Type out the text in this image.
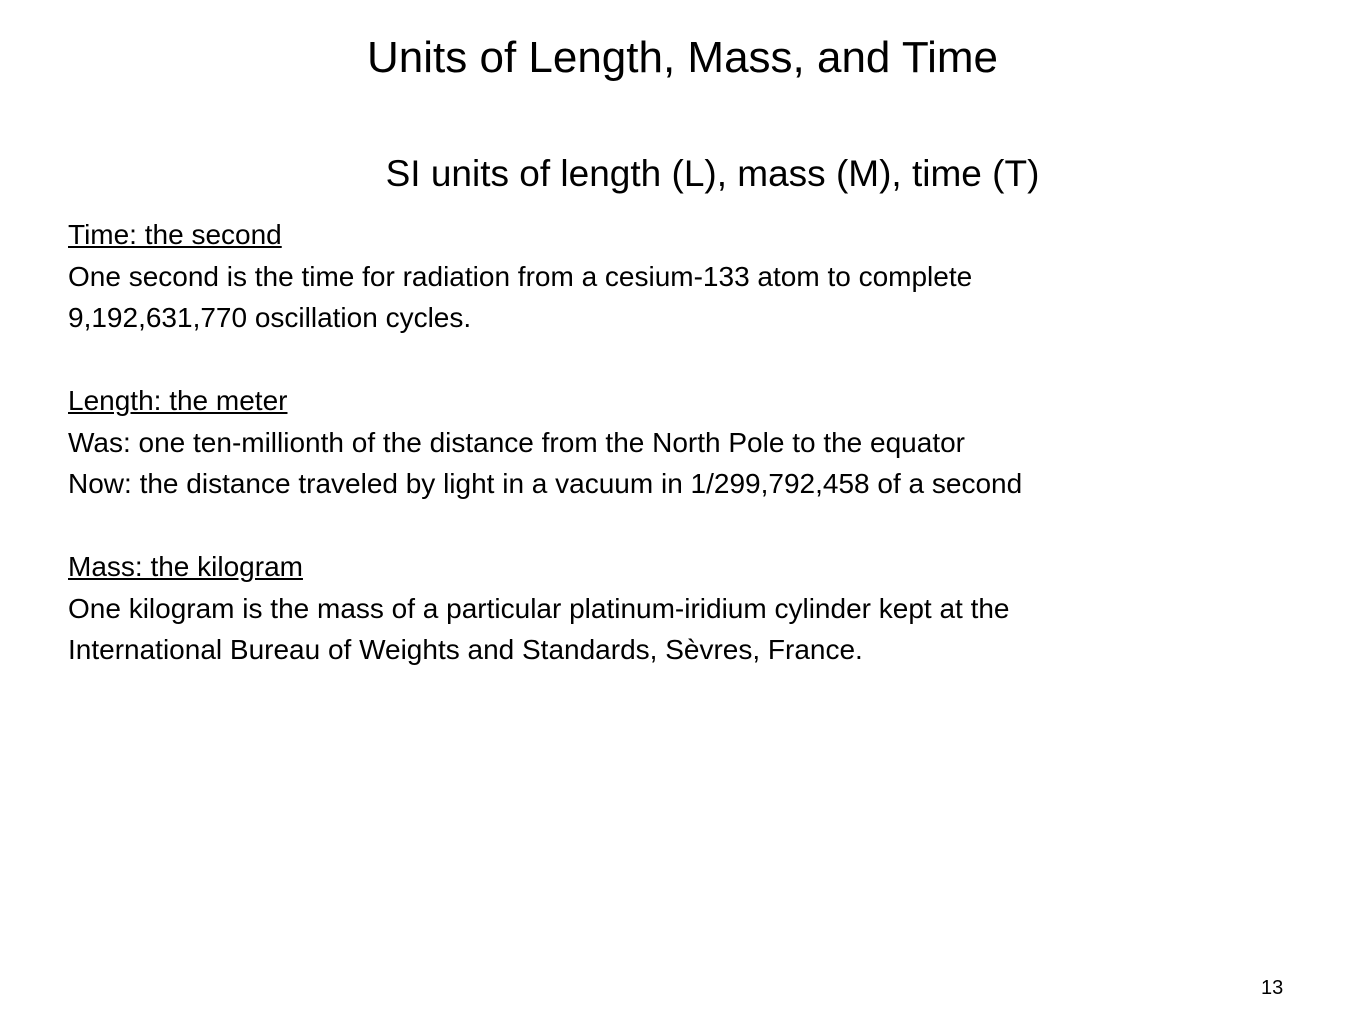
Units of Length, Mass, and Time
SI units of length (L), mass (M), time (T)
Time: the second
One second is the time for radiation from a cesium-133 atom to complete
9,192,631,770 oscillation cycles.
Length: the meter
Was: one ten-millionth of the distance from the North Pole to the equator
Now: the distance traveled by light in a vacuum in 1/299,792,458 of a second
Mass: the kilogram
One kilogram is the mass of a particular platinum-iridium cylinder kept at the
International Bureau of Weights and Standards, Sèvres, France.
13
